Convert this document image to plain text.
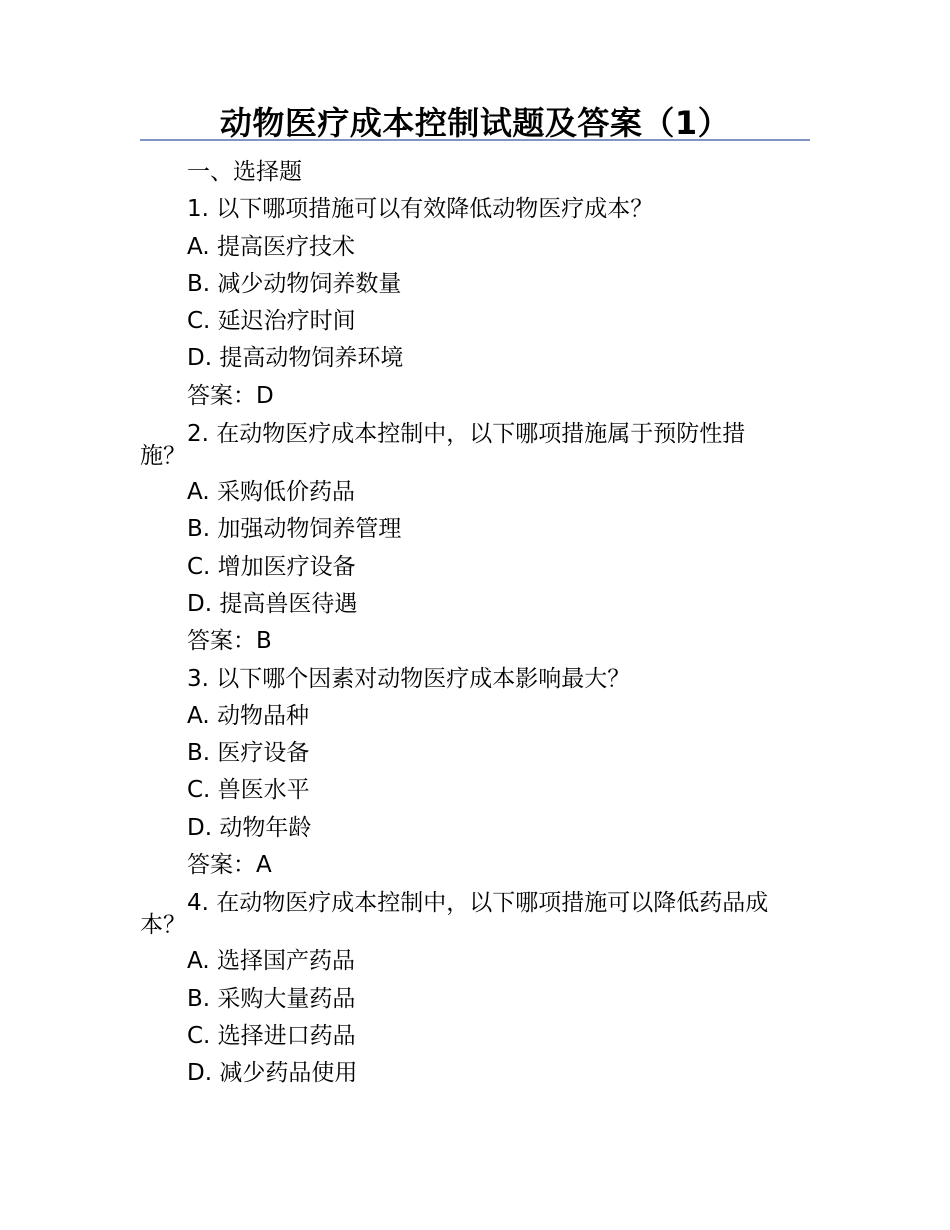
动物医疗成本控制试题及答案（1）

一、选择题

1. 以下哪项措施可以有效降低动物医疗成本？

A. 提高医疗技术

B. 减少动物饲养数量

C. 延迟治疗时间

D. 提高动物饲养环境

答案：D

2. 在动物医疗成本控制中，以下哪项措施属于预防性措
施？

A. 采购低价药品

B. 加强动物饲养管理

C. 增加医疗设备

D. 提高兽医待遇

答案：B

3. 以下哪个因素对动物医疗成本影响最大？

A. 动物品种

B. 医疗设备

C. 兽医水平

D. 动物年龄

答案：A

4. 在动物医疗成本控制中，以下哪项措施可以降低药品成
本？

A. 选择国产药品

B. 采购大量药品

C. 选择进口药品

D. 减少药品使用
